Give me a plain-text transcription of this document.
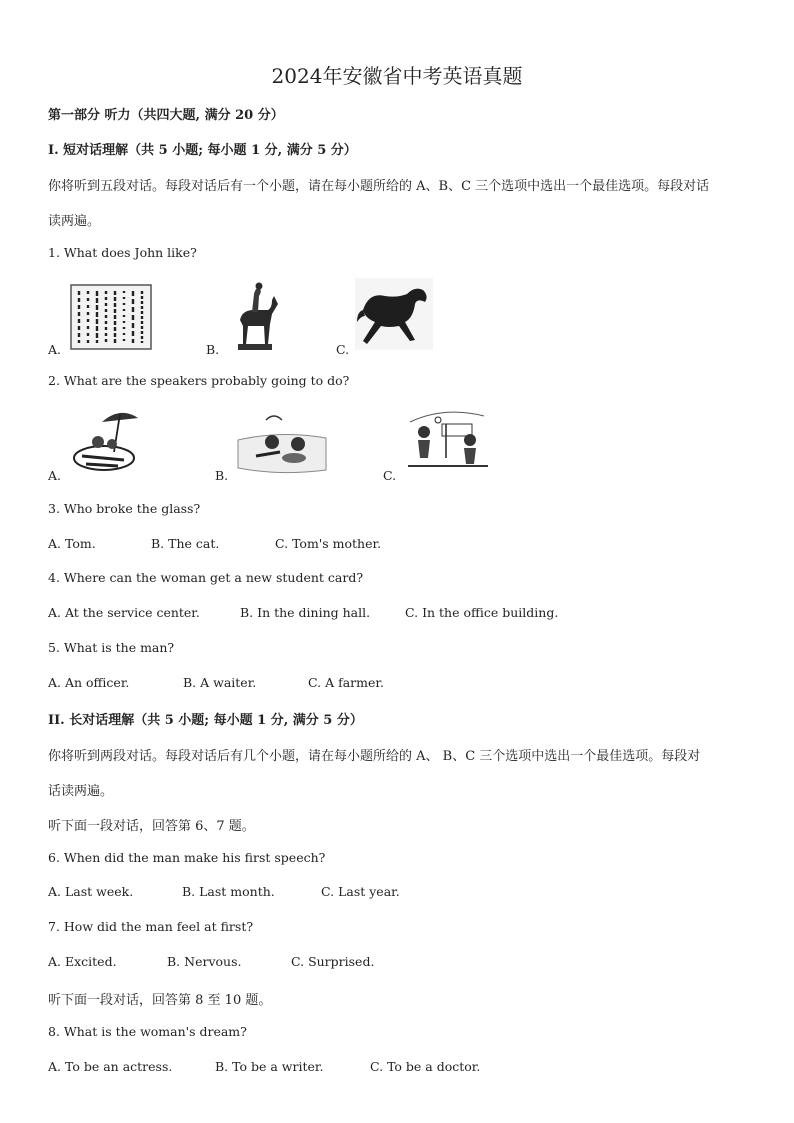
2024年安徽省中考英语真题
第一部分 听力（共四大题, 满分 20 分）
I. 短对话理解（共 5 小题; 每小题 1 分, 满分 5 分）
你将听到五段对话。每段对话后有一个小题，请在每小题所给的 A、B、C 三个选项中选出一个最佳选项。每段对话
读两遍。
1. What does John like?
A.	B.	C.
2. What are the speakers probably going to do?
A.	B.	C.
3. Who broke the glass?
A. Tom.	B. The cat.	C. Tom's mother.
4. Where can the woman get a new student card?
A. At the service center.	B. In the dining hall.	C. In the office building.
5. What is the man?
A. An officer.	B. A waiter.	C. A farmer.
II. 长对话理解（共 5 小题; 每小题 1 分, 满分 5 分）
你将听到两段对话。每段对话后有几个小题，请在每小题所给的 A、 B、C 三个选项中选出一个最佳选项。每段对
话读两遍。
听下面一段对话，回答第 6、7 题。
6. When did the man make his first speech?
A. Last week.	B. Last month.	C. Last year.
7. How did the man feel at first?
A. Excited.	B. Nervous.	C. Surprised.
听下面一段对话，回答第 8 至 10 题。
8. What is the woman's dream?
A. To be an actress.	B. To be a writer.	C. To be a doctor.
